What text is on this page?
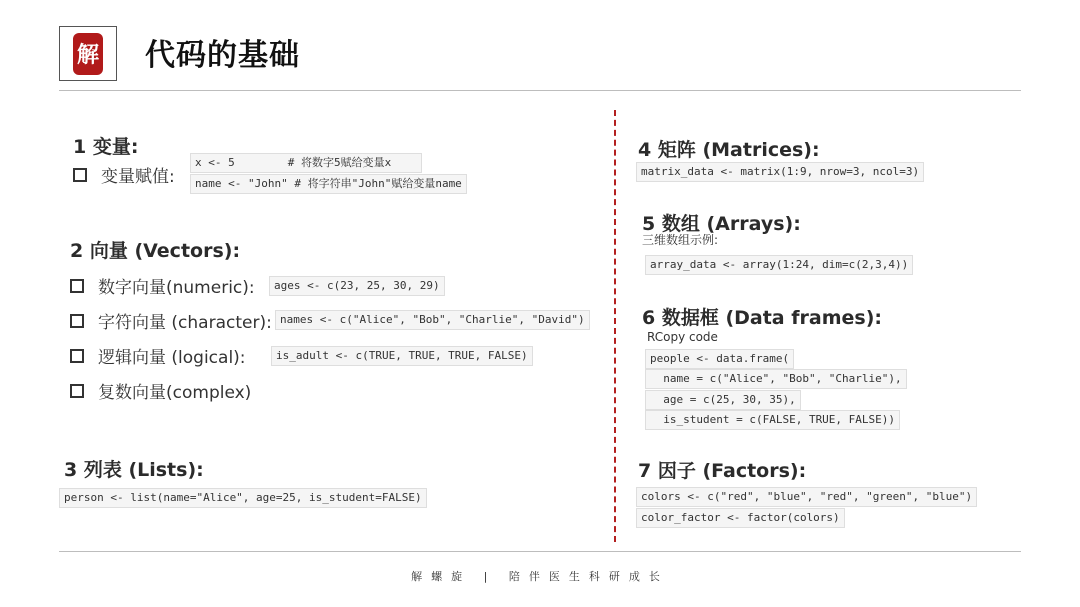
解 代码的基础
1 变量:
变量赋值:
x <- 5        # 将数字5赋给变量x
name <- "John" # 将字符串"John"赋给变量name
2 向量 (Vectors):
数字向量(numeric):	ages <- c(23, 25, 30, 29)
字符向量 (character): names <- c("Alice", "Bob", "Charlie", "David")
逻辑向量 (logical):	is_adult <- c(TRUE, TRUE, TRUE, FALSE)
复数向量(complex)
3 列表 (Lists):
person <- list(name="Alice", age=25, is_student=FALSE)
4 矩阵 (Matrices):
matrix_data <- matrix(1:9, nrow=3, ncol=3)
5 数组 (Arrays):
三维数组示例:
array_data <- array(1:24, dim=c(2,3,4))
6 数据框 (Data frames):
RCopy code
people <- data.frame(
name = c("Alice", "Bob", "Charlie"),
age = c(25, 30, 35),
is_student = c(FALSE, TRUE, FALSE))
7 因子 (Factors):
colors <- c("red", "blue", "red", "green", "blue")
color_factor <- factor(colors)
解螺旋 | 陪伴医生科研成长
